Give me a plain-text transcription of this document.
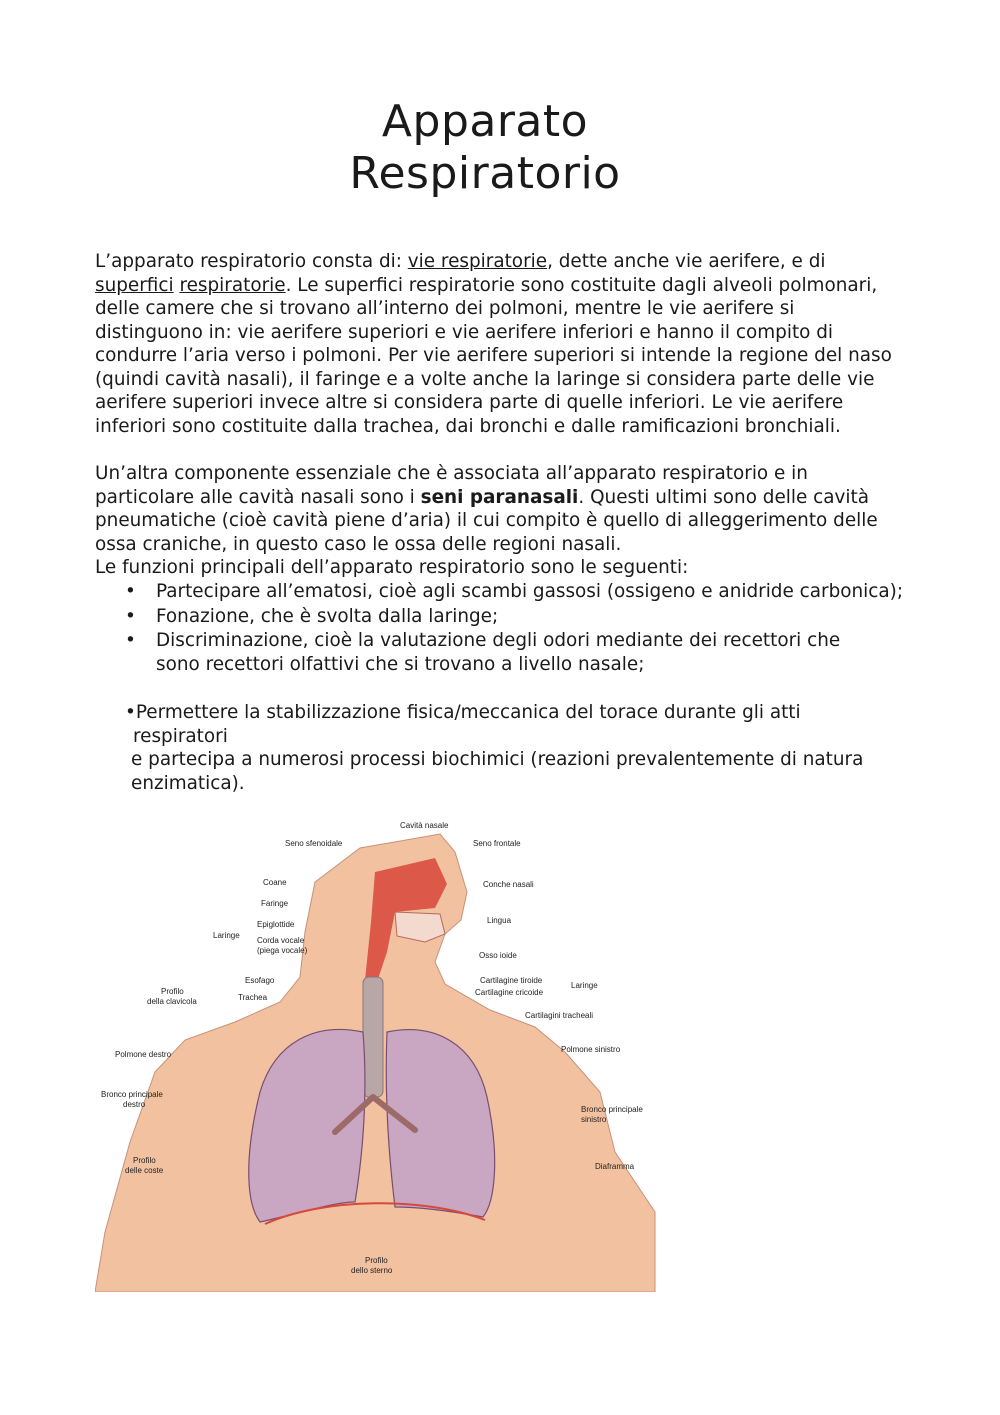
Apparato
Respiratorio
L’apparato respiratorio consta di: vie respiratorie, dette anche vie aerifere, e di superfici respiratorie. Le superfici respiratorie sono costituite dagli alveoli polmonari, delle camere che si trovano all’interno dei polmoni, mentre le vie aerifere si distinguono in: vie aerifere superiori e vie aerifere inferiori e hanno il compito di condurre l’aria verso i polmoni. Per vie aerifere superiori si intende la regione del naso (quindi cavità nasali), il faringe e a volte anche la laringe si considera parte delle vie aerifere superiori invece altre si considera parte di quelle inferiori. Le vie aerifere inferiori sono costituite dalla trachea, dai bronchi e dalle ramificazioni bronchiali.
Un’altra componente essenziale che è associata all’apparato respiratorio e in particolare alle cavità nasali sono i seni paranasali. Questi ultimi sono delle cavità pneumatiche (cioè cavità piene d’aria) il cui compito è quello di alleggerimento delle ossa craniche, in questo caso le ossa delle regioni nasali.
Le funzioni principali dell’apparato respiratorio sono le seguenti:
• Partecipare all’ematosi, cioè agli scambi gassosi (ossigeno e anidride carbonica);
• Fonazione, che è svolta dalla laringe;
• Discriminazione, cioè la valutazione degli odori mediante dei recettori che sono recettori olfattivi che si trovano a livello nasale;
•Permettere la stabilizzazione fisica/meccanica del torace durante gli atti
respiratori
e partecipa a numerosi processi biochimici (reazioni prevalentemente di natura
enzimatica).
Cavità nasale
Seno sfenoidale	Seno frontale
Coane	Conche nasali
Faringe
Lingua
Epiglottide
Laringe
Corda vocale
(piega vocale)
Osso ioide
Esofago	Cartilagine tiroide
Cartilagine cricoide
Laringe
Profilo
della clavicola	Trachea
Cartilagini tracheali
Polmone destro
Polmone sinistro
Bronco principale
destro
Bronco principale
sinistro
Profilo
delle coste	Diaframma
Profilo
dello sterno
